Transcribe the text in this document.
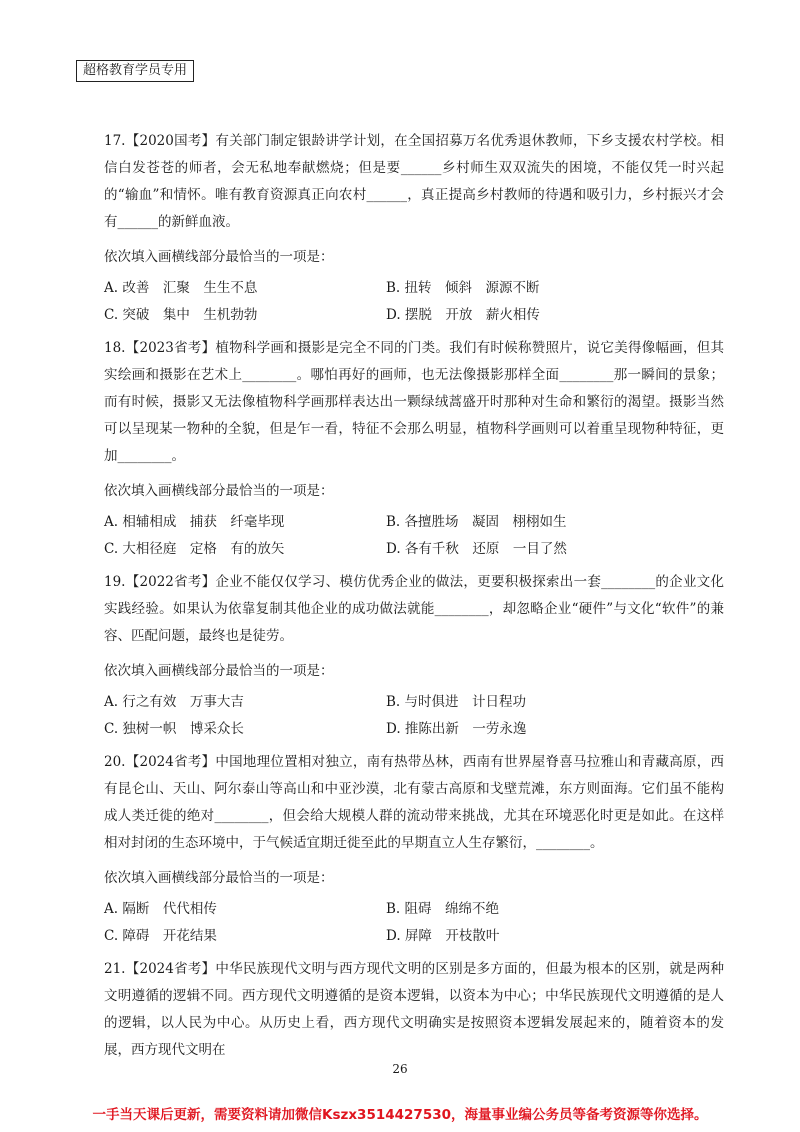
超格教育学员专用

17.【2020国考】有关部门制定银龄讲学计划，在全国招募万名优秀退休教师，下乡支援农村学校。相信白发苍苍的师者，会无私地奉献燃烧；但是要______乡村师生双双流失的困境，不能仅凭一时兴起的“输血”和情怀。唯有教育资源真正向农村______，真正提高乡村教师的待遇和吸引力，乡村振兴才会有______的新鲜血液。

依次填入画横线部分最恰当的一项是：

A. 改善　汇聚　生生不息	B. 扭转　倾斜　源源不断
C. 突破　集中　生机勃勃	D. 摆脱　开放　薪火相传

18.【2023省考】植物科学画和摄影是完全不同的门类。我们有时候称赞照片，说它美得像幅画，但其实绘画和摄影在艺术上________。哪怕再好的画师，也无法像摄影那样全面________那一瞬间的景象；而有时候，摄影又无法像植物科学画那样表达出一颗绿绒蒿盛开时那种对生命和繁衍的渴望。摄影当然可以呈现某一物种的全貌，但是乍一看，特征不会那么明显，植物科学画则可以着重呈现物种特征，更加________。

依次填入画横线部分最恰当的一项是：

A. 相辅相成　捕获　纤毫毕现	B. 各擅胜场　凝固　栩栩如生
C. 大相径庭　定格　有的放矢	D. 各有千秋　还原　一目了然

19.【2022省考】企业不能仅仅学习、模仿优秀企业的做法，更要积极探索出一套________的企业文化实践经验。如果认为依靠复制其他企业的成功做法就能________，却忽略企业“硬件”与文化“软件”的兼容、匹配问题，最终也是徒劳。

依次填入画横线部分最恰当的一项是：

A. 行之有效　万事大吉	B. 与时俱进　计日程功
C. 独树一帜　博采众长	D. 推陈出新　一劳永逸

20.【2024省考】中国地理位置相对独立，南有热带丛林，西南有世界屋脊喜马拉雅山和青藏高原，西有昆仑山、天山、阿尔泰山等高山和中亚沙漠，北有蒙古高原和戈壁荒滩，东方则面海。它们虽不能构成人类迁徙的绝对________，但会给大规模人群的流动带来挑战，尤其在环境恶化时更是如此。在这样相对封闭的生态环境中，于气候适宜期迁徙至此的早期直立人生存繁衍，________。

依次填入画横线部分最恰当的一项是：

A. 隔断　代代相传	B. 阻碍　绵绵不绝
C. 障碍　开花结果	D. 屏障　开枝散叶

21.【2024省考】中华民族现代文明与西方现代文明的区别是多方面的，但最为根本的区别，就是两种文明遵循的逻辑不同。西方现代文明遵循的是资本逻辑，以资本为中心；中华民族现代文明遵循的是人的逻辑，以人民为中心。从历史上看，西方现代文明确实是按照资本逻辑发展起来的，随着资本的发展，西方现代文明在

26
一手当天课后更新，需要资料请加微信Kszx3514427530，海量事业编公务员等备考资源等你选择。
